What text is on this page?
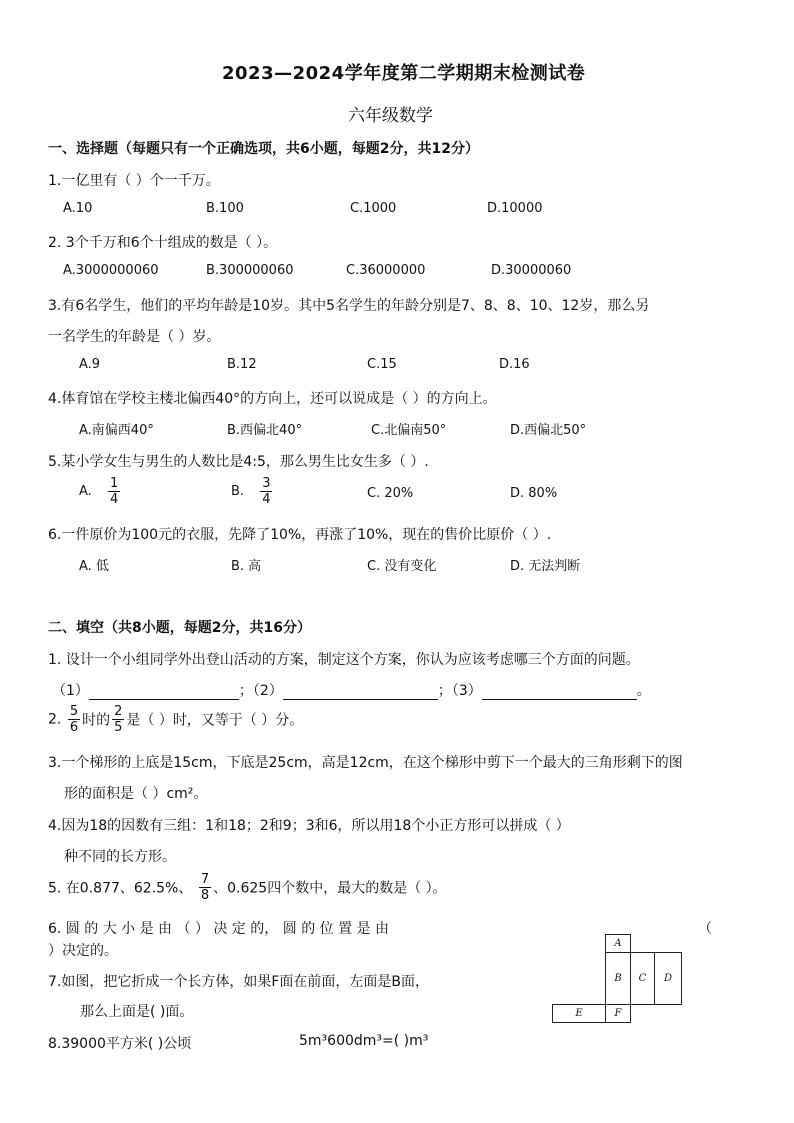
2023—2024学年度第二学期期末检测试卷
六年级数学
一、选择题（每题只有一个正确选项，共6小题，每题2分，共12分）
1.一亿里有（ ）个一千万。
A.10	B.100	C.1000	D.10000
2. 3个千万和6个十组成的数是（ ）。
A.3000000060	B.300000060	C.36000000	D.30000060
3.有6名学生，他们的平均年龄是10岁。其中5名学生的年龄分别是7、8、8、10、12岁，那么另
一名学生的年龄是（ ）岁。
A.9	B.12	C.15	D.16
4.体育馆在学校主楼北偏西40°的方向上，还可以说成是（ ）的方向上。
A.南偏西40°	B.西偏北40°	C.北偏南50°	D.西偏北50°
5.某小学女生与男生的人数比是4:5，那么男生比女生多（ ）.
A. $\frac{1}{4}$	B. $\frac{3}{4}$	C. 20%	D. 80%
6.一件原价为100元的衣服，先降了10%，再涨了10%，现在的售价比原价（ ）.
A. 低	B. 高	C. 没有变化	D. 无法判断
二、填空（共8小题，每题2分，共16分）
1. 设计一个小组同学外出登山活动的方案，制定这个方案，你认为应该考虑哪三个方面的问题。
（1）	；（2）	；（3）	。
2. $\frac{5}{6}$ 时的 $\frac{2}{5}$ 是（ ）时，又等于（ ）分。
3.一个梯形的上底是15cm，下底是25cm，高是12cm，在这个梯形中剪下一个最大的三角形剩下的图
形的面积是（ ）cm²。
4.因为18的因数有三组：1和18；2和9；3和6，所以用18个小正方形可以拼成（ ）
种不同的长方形。
5. 在0.877、62.5%、 $\frac{7}{8}$ 、0.625四个数中，最大的数是（ ）。
6. 圆 的 大 小 是 由 （ ） 决 定 的， 圆 的 位 置 是 由	（
）决定的。
7.如图，把它折成一个长方体，如果F面在前面，左面是B面，
那么上面是( )面。
8.39000平方米( )公顷	5m³600dm³=( )m³
A
B	C	D
E	F
